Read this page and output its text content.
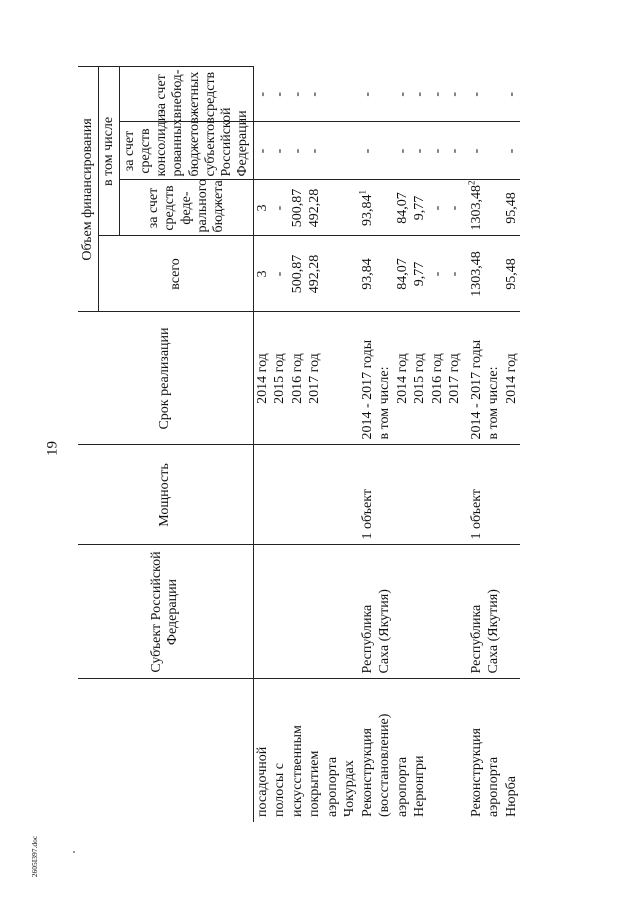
19
2605I397.doc
	Субъект Российской Федерации	Мощность	Срок реализации	Объем финансирования			
				всего	в том числе		
					за счет средств феде-рального бюджета	за счет средств консолиди-рованных бюджетов субъектов Российской Федерации	за счет внебюд-жетных средств
посадочной			2014 год	3	3	-	-
полосы с			2015 год	-	-	-	-
искусственным			2016 год	500,87	500,87	-	-
покрытием			2017 год	492,28	492,28	-	-
аэропорта							
Чокурдах							
Реконструкция	Республика	1 объект	2014 - 2017 годы	93,84	93,84$^1$	-	-
(восстановление)	Саха (Якутия)		в том числе:				
аэропорта			2014 год	84,07	84,07	-	-
Нерюнгри			2015 год	9,77	9,77	-	-
			2016 год	-	-	-	-
			2017 год	-	-	-	-

Реконструкция	Республика	1 объект	2014 - 2017 годы	1303,48	1303,48$^2$	-	-
аэропорта	Саха (Якутия)		в том числе:				
Нюрба			2014 год	95,48	95,48	-	-
